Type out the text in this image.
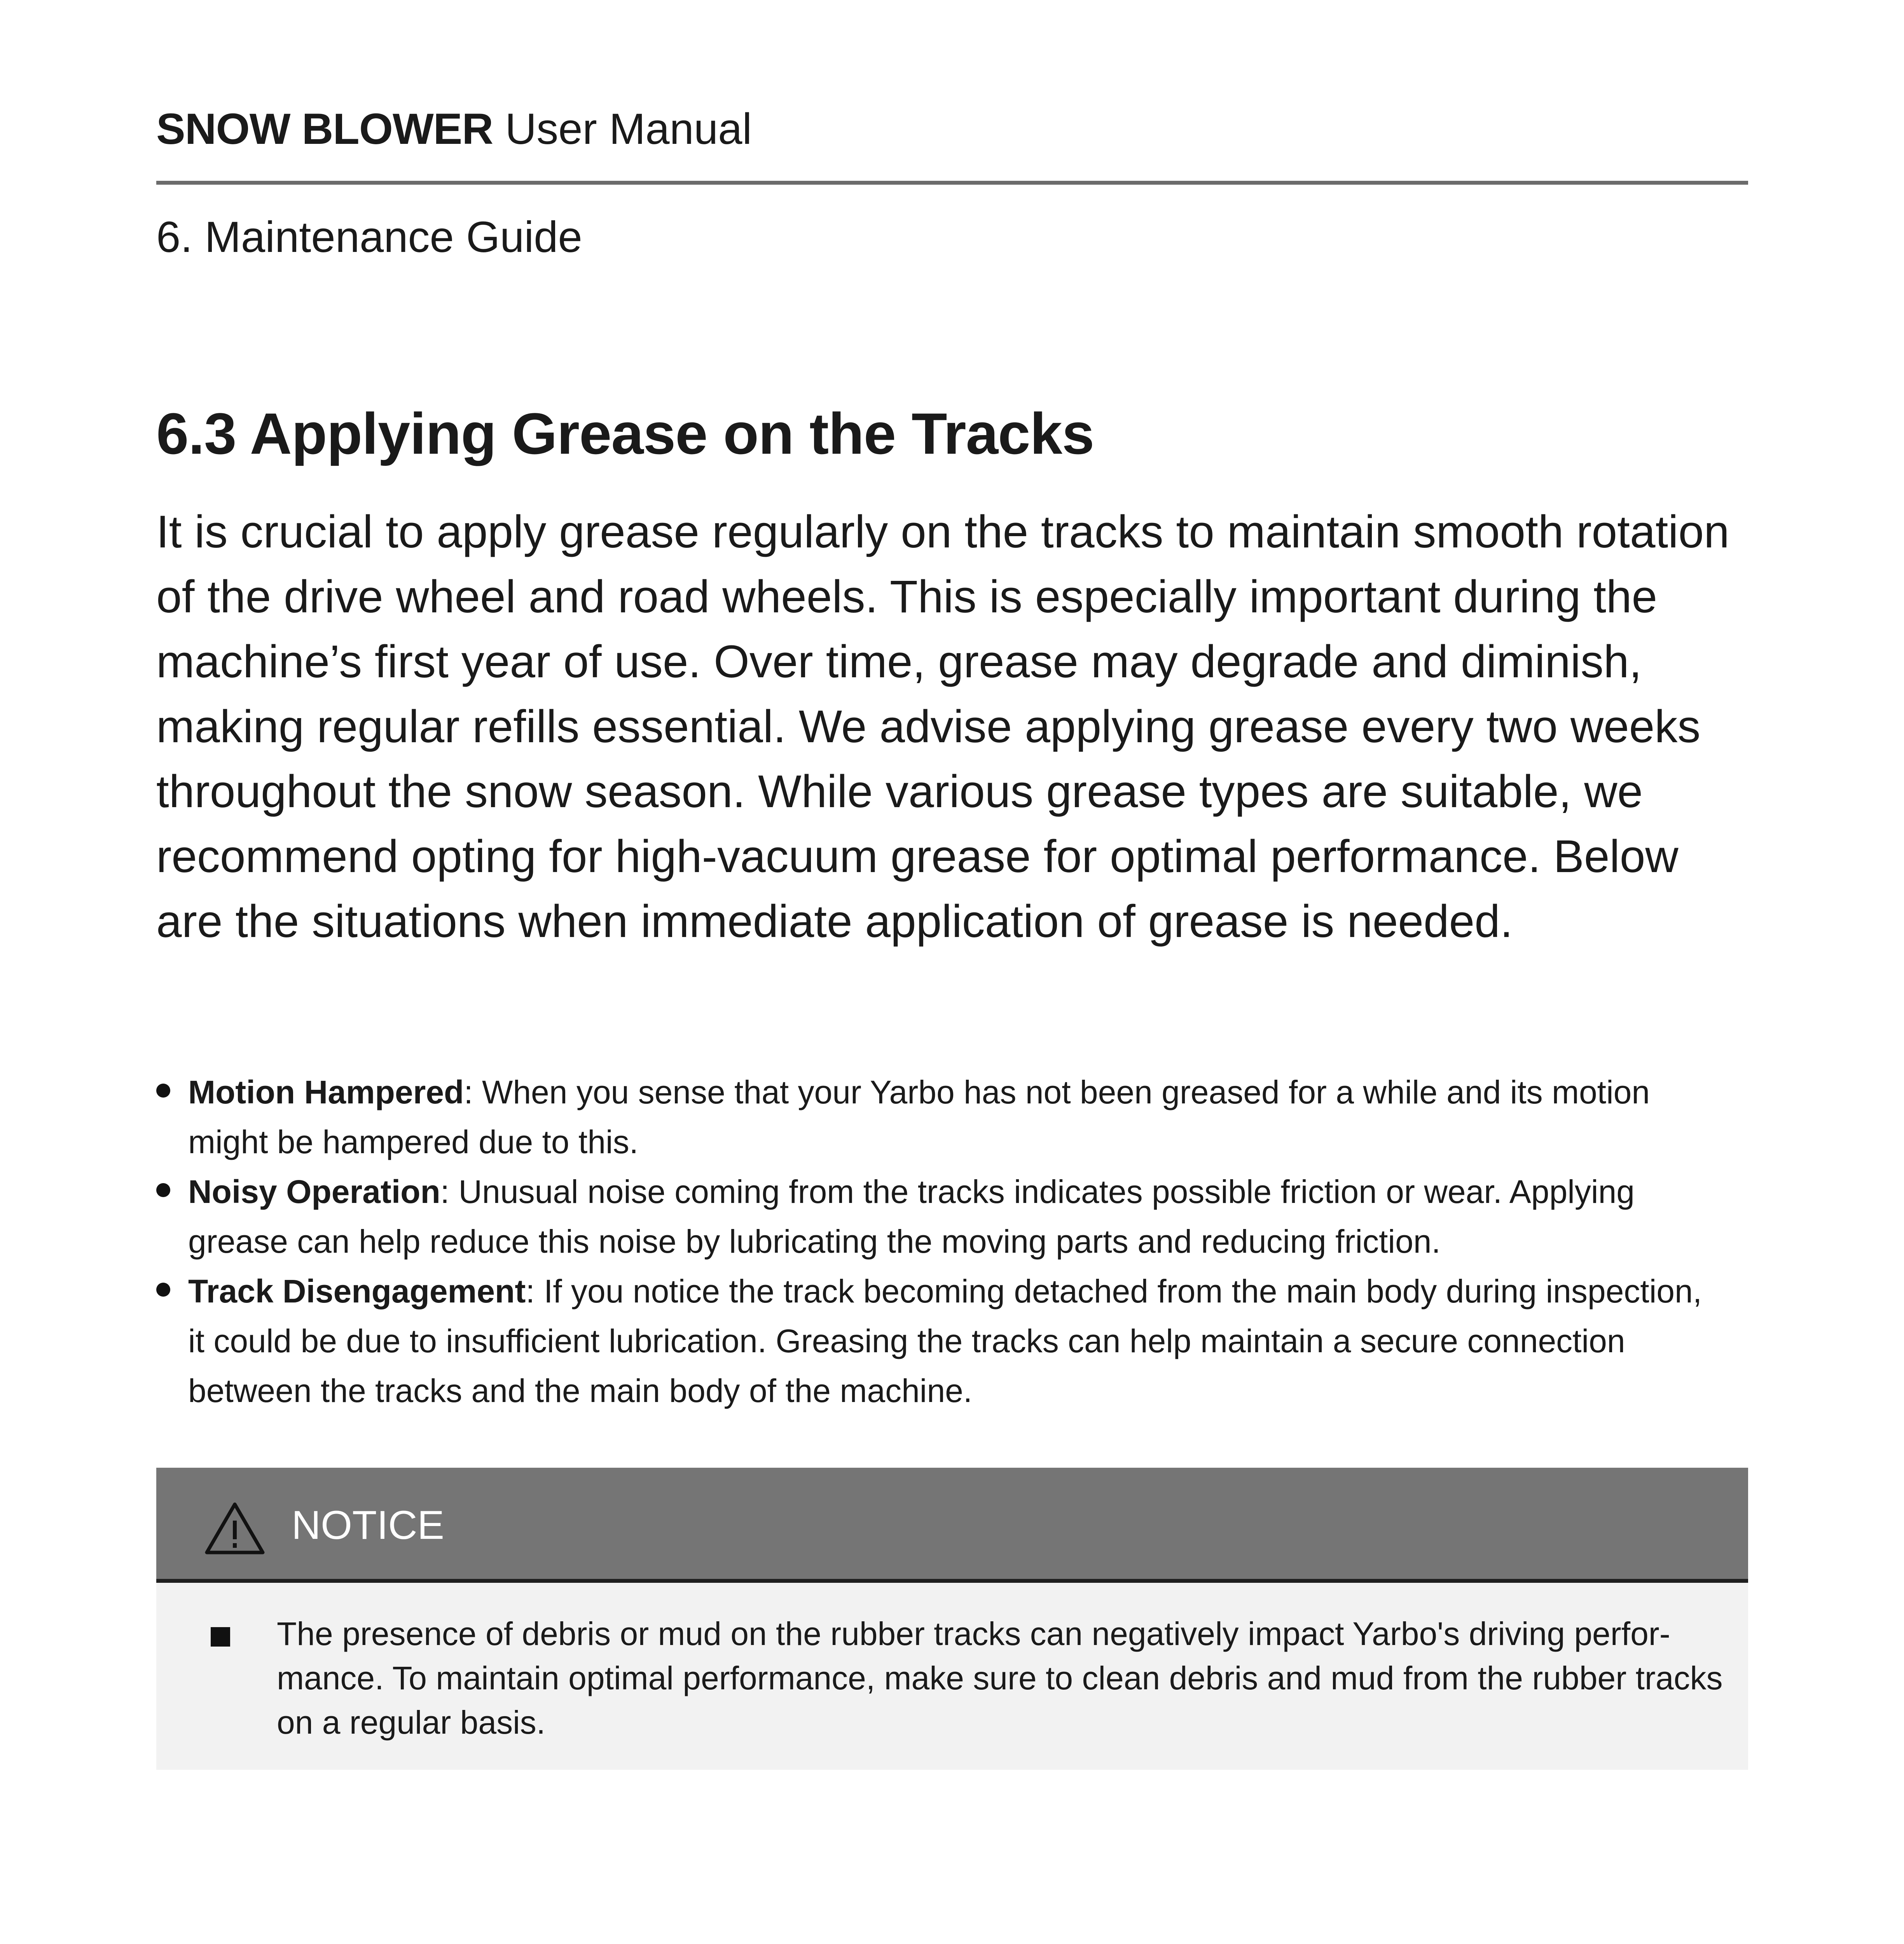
SNOW BLOWER User Manual
6. Maintenance Guide
6.3 Applying Grease on the Tracks

It is crucial to apply grease regularly on the tracks to maintain smooth rotation of the drive wheel and road wheels. This is especially important during the machine’s first year of use. Over time, grease may degrade and diminish, making regular refills essential. We advise applying grease every two weeks throughout the snow season. While various grease types are suitable, we recommend opting for high-vacuum grease for optimal performance. Below are the situations when immediate application of grease is needed.

Motion Hampered: When you sense that your Yarbo has not been greased for a while and its motion might be hampered due to this.
Noisy Operation: Unusual noise coming from the tracks indicates possible friction or wear. Applying grease can help reduce this noise by lubricating the moving parts and reducing friction.
Track Disengagement: If you notice the track becoming detached from the main body during inspection, it could be due to insufficient lubrication. Greasing the tracks can help maintain a secure connection between the tracks and the main body of the machine.
NOTICE
The presence of debris or mud on the rubber tracks can negatively impact Yarbo's driving perfor-mance. To maintain optimal performance, make sure to clean debris and mud from the rubber tracks on a regular basis.
